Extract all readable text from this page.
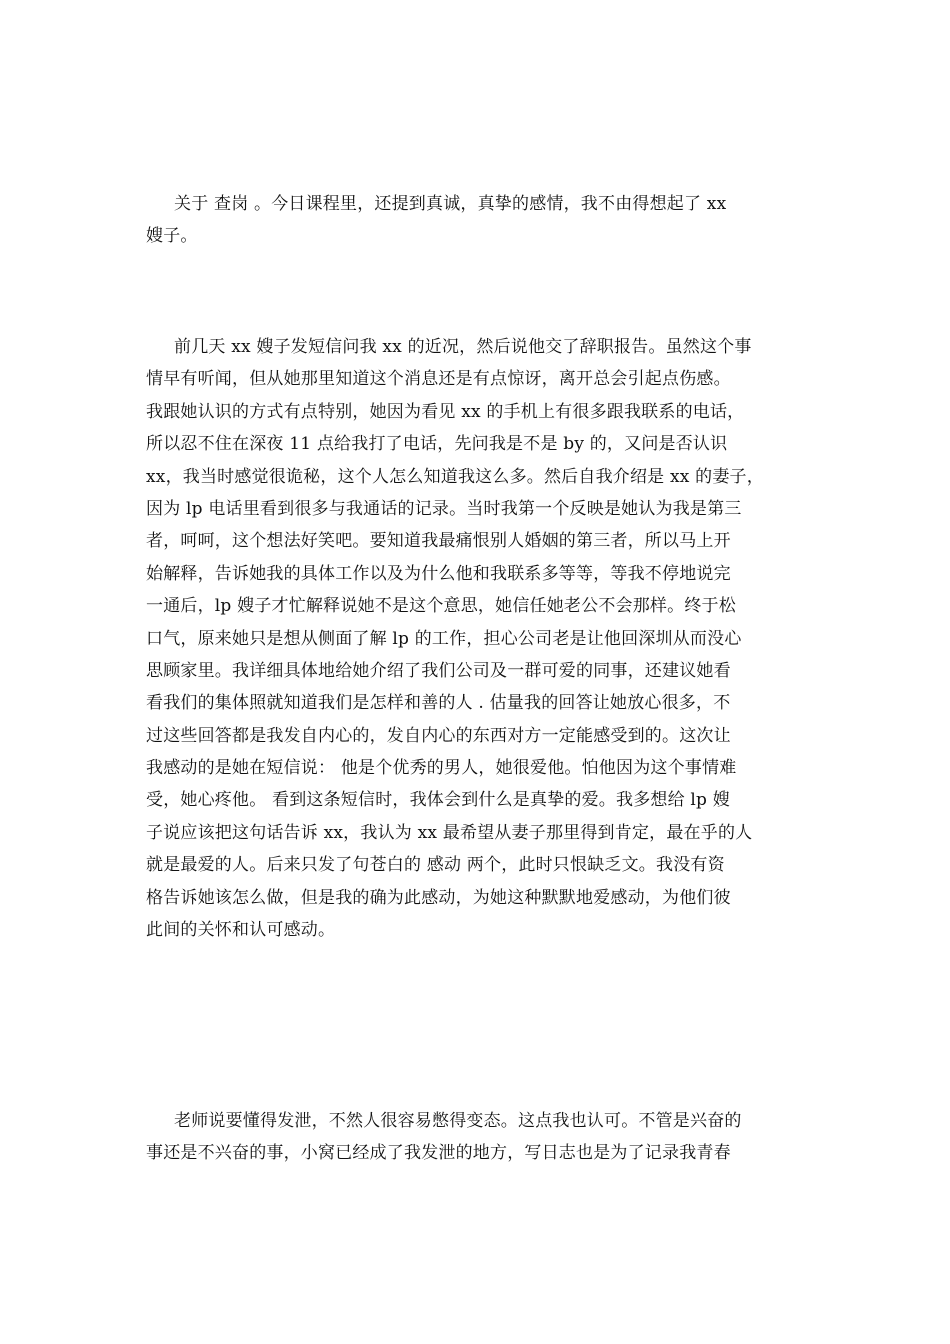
关于 查岗 。今日课程里，还提到真诚，真挚的感情，我不由得想起了 xx
嫂子。
前几天 xx 嫂子发短信问我 xx 的近况，然后说他交了辞职报告。虽然这个事
情早有听闻，但从她那里知道这个消息还是有点惊讶，离开总会引起点伤感。
我跟她认识的方式有点特别，她因为看见 xx 的手机上有很多跟我联系的电话，
所以忍不住在深夜 11 点给我打了电话，先问我是不是 by 的，又问是否认识
xx，我当时感觉很诡秘，这个人怎么知道我这么多。然后自我介绍是 xx 的妻子，
因为 lp 电话里看到很多与我通话的记录。当时我第一个反映是她认为我是第三
者，呵呵，这个想法好笑吧。要知道我最痛恨别人婚姻的第三者，所以马上开
始解释，告诉她我的具体工作以及为什么他和我联系多等等，等我不停地说完
一通后，lp 嫂子才忙解释说她不是这个意思，她信任她老公不会那样。终于松
口气，原来她只是想从侧面了解 lp 的工作，担心公司老是让他回深圳从而没心
思顾家里。我详细具体地给她介绍了我们公司及一群可爱的同事，还建议她看
看我们的集体照就知道我们是怎样和善的人 . 估量我的回答让她放心很多，不
过这些回答都是我发自内心的，发自内心的东西对方一定能感受到的。这次让
我感动的是她在短信说： 他是个优秀的男人，她很爱他。怕他因为这个事情难
受，她心疼他。 看到这条短信时，我体会到什么是真挚的爱。我多想给 lp 嫂
子说应该把这句话告诉 xx，我认为 xx 最希望从妻子那里得到肯定，最在乎的人
就是最爱的人。后来只发了句苍白的 感动 两个，此时只恨缺乏文。我没有资
格告诉她该怎么做，但是我的确为此感动，为她这种默默地爱感动，为他们彼
此间的关怀和认可感动。
老师说要懂得发泄，不然人很容易憋得变态。这点我也认可。不管是兴奋的
事还是不兴奋的事，小窝已经成了我发泄的地方，写日志也是为了记录我青春
